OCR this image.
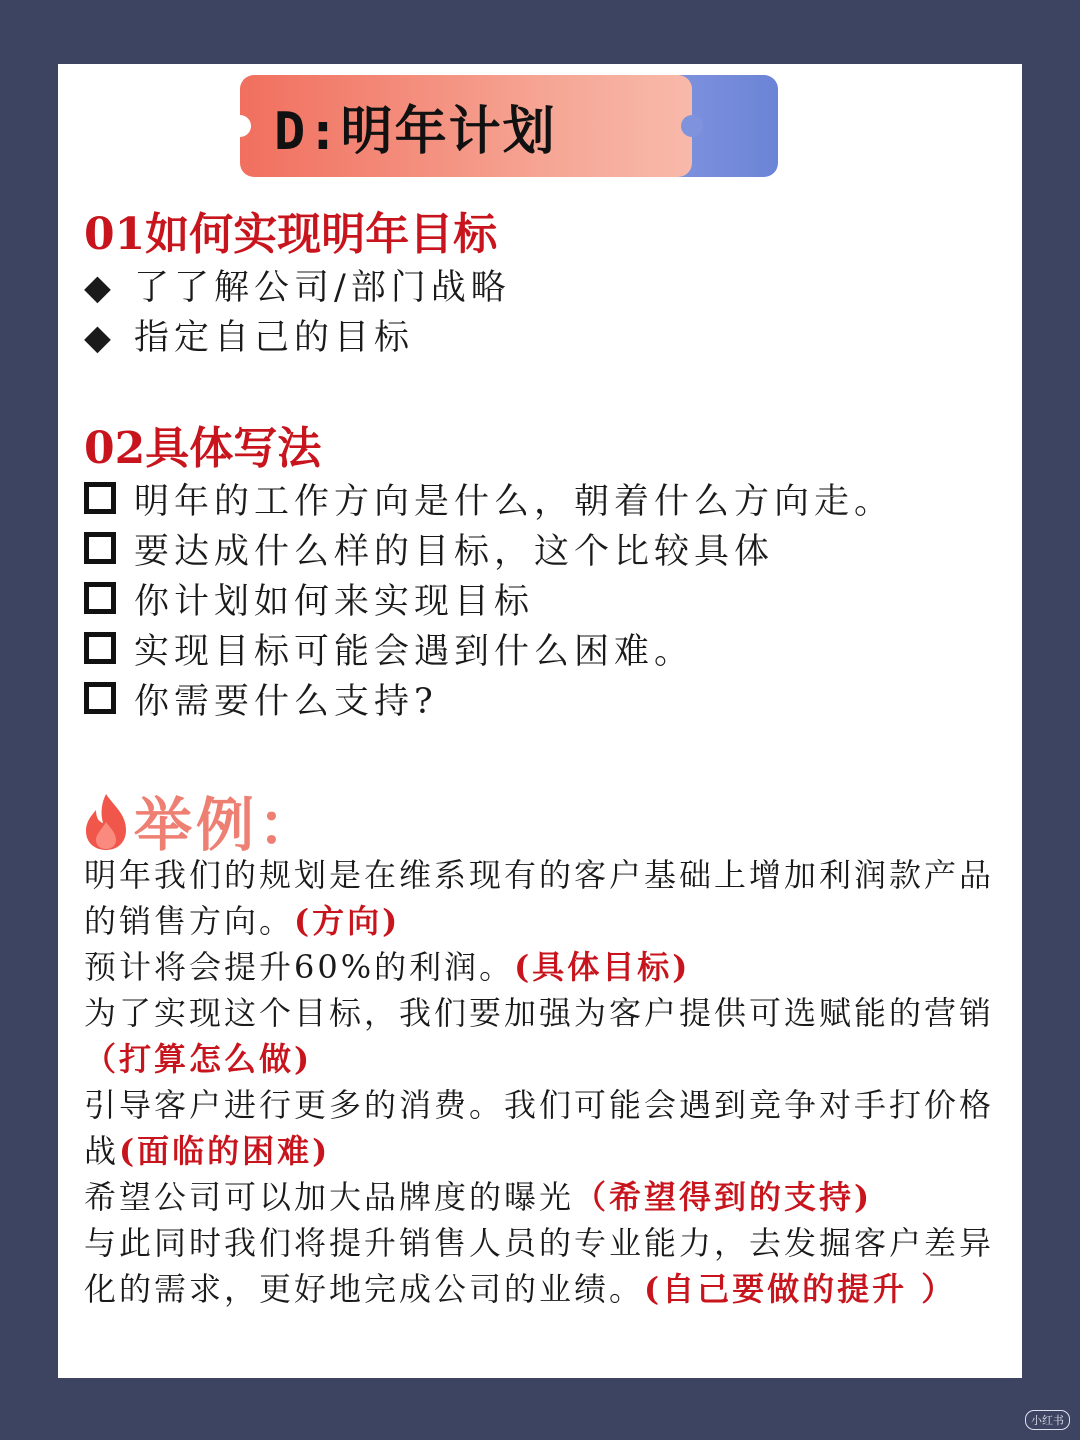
D:明年计划
01如何实现明年目标
◆ 了了解公司/部门战略
◆ 指定自己的目标
02具体写法
明年的工作方向是什么，朝着什么方向走。
要达成什么样的目标，这个比较具体
你计划如何来实现目标
实现目标可能会遇到什么困难。
你需要什么支持?
举例：
明年我们的规划是在维系现有的客户基础上增加利润款产品的销售方向。(方向)
预计将会提升60%的利润。(具体目标)
为了实现这个目标，我们要加强为客户提供可选赋能的营销（打算怎么做)
引导客户进行更多的消费。我们可能会遇到竞争对手打价格战(面临的困难)
希望公司可以加大品牌度的曝光（希望得到的支持)
与此同时我们将提升销售人员的专业能力，去发掘客户差异化的需求，更好地完成公司的业绩。(自己要做的提升 ）
小红书
